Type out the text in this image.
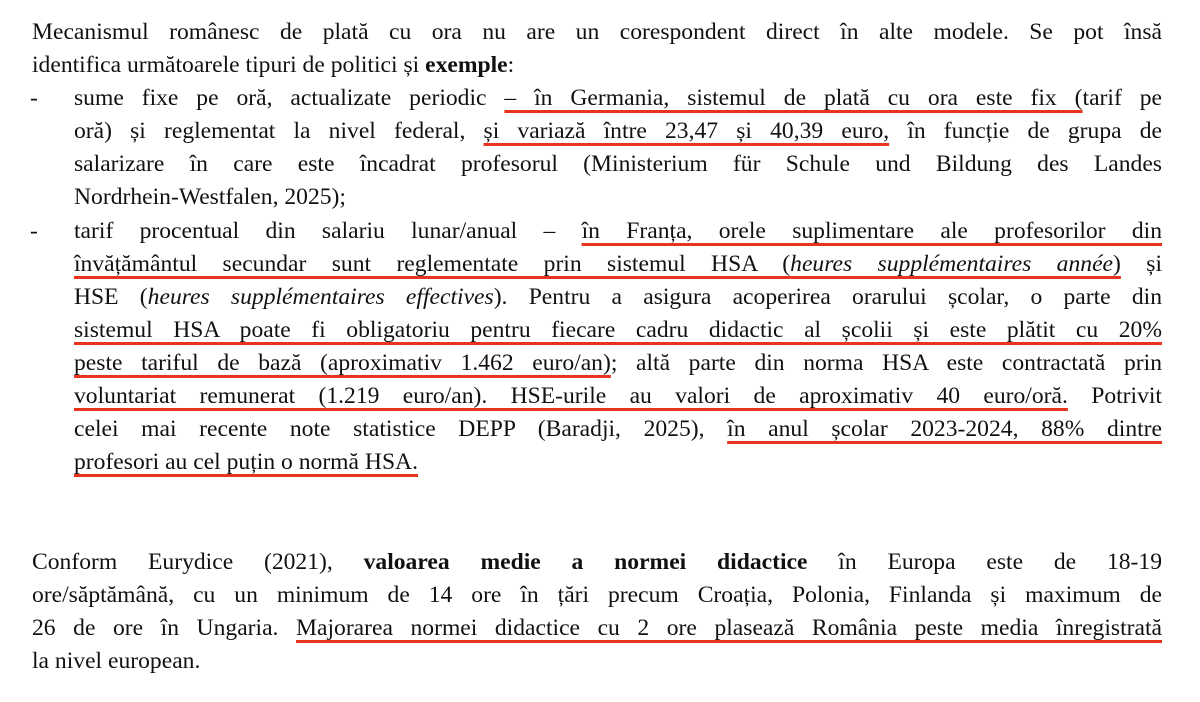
Mecanismul românesc de plată cu ora nu are un corespondent direct în alte modele. Se pot însă
identifica următoarele tipuri de politici și exemple:
- sume fixe pe oră, actualizate periodic – în Germania, sistemul de plată cu ora este fix (tarif pe
oră) și reglementat la nivel federal, și variază între 23,47 și 40,39 euro, în funcție de grupa de
salarizare în care este încadrat profesorul (Ministerium für Schule und Bildung des Landes
Nordrhein-Westfalen, 2025);
- tarif procentual din salariu lunar/anual – în Franța, orele suplimentare ale profesorilor din
învățământul secundar sunt reglementate prin sistemul HSA (heures supplémentaires année) și
HSE (heures supplémentaires effectives). Pentru a asigura acoperirea orarului școlar, o parte din
sistemul HSA poate fi obligatoriu pentru fiecare cadru didactic al școlii și este plătit cu 20%
peste tariful de bază (aproximativ 1.462 euro/an); altă parte din norma HSA este contractată prin
voluntariat remunerat (1.219 euro/an). HSE-urile au valori de aproximativ 40 euro/oră. Potrivit
celei mai recente note statistice DEPP (Baradji, 2025), în anul școlar 2023-2024, 88% dintre
profesori au cel puțin o normă HSA.
Conform Eurydice (2021), valoarea medie a normei didactice în Europa este de 18-19
ore/săptămână, cu un minimum de 14 ore în țări precum Croația, Polonia, Finlanda și maximum de
26 de ore în Ungaria. Majorarea normei didactice cu 2 ore plasează România peste media înregistrată
la nivel european.
